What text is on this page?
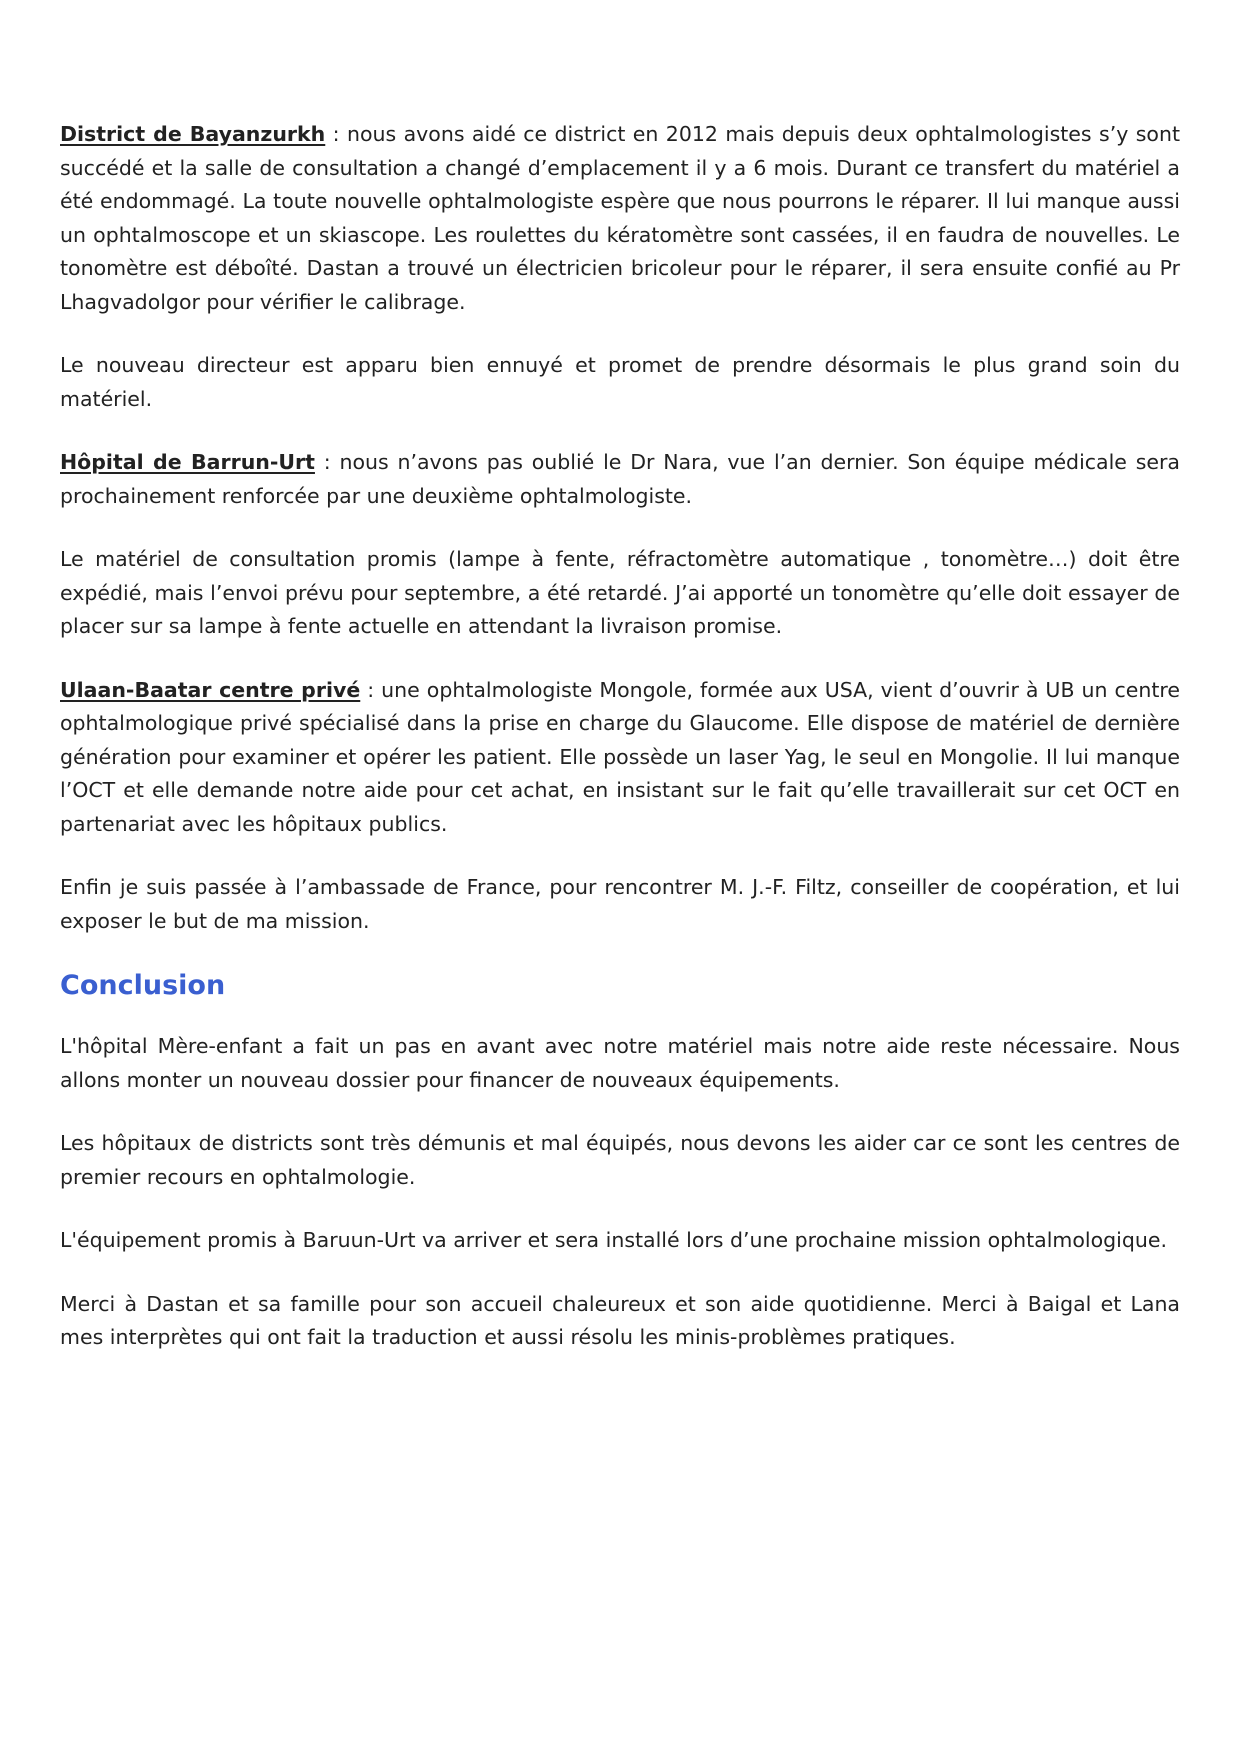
District de Bayanzurkh : nous avons aidé ce district en 2012 mais depuis deux ophtalmologistes s’y sont succédé et la salle de consultation a changé d’emplacement il y a 6 mois. Durant ce transfert du matériel a été endommagé. La toute nouvelle ophtalmologiste espère que nous pourrons le réparer. Il lui manque aussi un ophtalmoscope et un skiascope. Les roulettes du kératomètre sont cassées, il en faudra de nouvelles. Le tonomètre est déboîté. Dastan a trouvé un électricien bricoleur pour le réparer, il sera ensuite confié au Pr Lhagvadolgor pour vérifier le calibrage.

Le nouveau directeur est apparu bien ennuyé et promet de prendre désormais le plus grand soin du matériel.

Hôpital de Barrun-Urt : nous n’avons pas oublié le Dr Nara, vue l’an dernier. Son équipe médicale sera prochainement renforcée par une deuxième ophtalmologiste.

Le matériel de consultation promis (lampe à fente, réfractomètre automatique , tonomètre…) doit être expédié, mais l’envoi prévu pour septembre, a été retardé. J’ai apporté un tonomètre qu’elle doit essayer de placer sur sa lampe à fente actuelle en attendant la livraison promise.

Ulaan-Baatar centre privé : une ophtalmologiste Mongole, formée aux USA, vient d’ouvrir à UB un centre ophtalmologique privé spécialisé dans la prise en charge du Glaucome. Elle dispose de matériel de dernière génération pour examiner et opérer les patient. Elle possède un laser Yag, le seul en Mongolie. Il lui manque l’OCT et elle demande notre aide pour cet achat, en insistant sur le fait qu’elle travaillerait sur cet OCT en partenariat avec les hôpitaux publics.

Enfin je suis passée à l’ambassade de France, pour rencontrer M. J.-F. Filtz, conseiller de coopération, et lui exposer le but de ma mission.

Conclusion

L'hôpital Mère-enfant a fait un pas en avant avec notre matériel mais notre aide reste nécessaire. Nous allons monter un nouveau dossier pour financer de nouveaux équipements.

Les hôpitaux de districts sont très démunis et mal équipés, nous devons les aider car ce sont les centres de premier recours en ophtalmologie.

L'équipement promis à Baruun-Urt va arriver et sera installé lors d’une prochaine mission ophtalmologique.

Merci à Dastan et sa famille pour son accueil chaleureux et son aide quotidienne. Merci à Baigal et Lana mes interprètes qui ont fait la traduction et aussi résolu les minis-problèmes pratiques.
